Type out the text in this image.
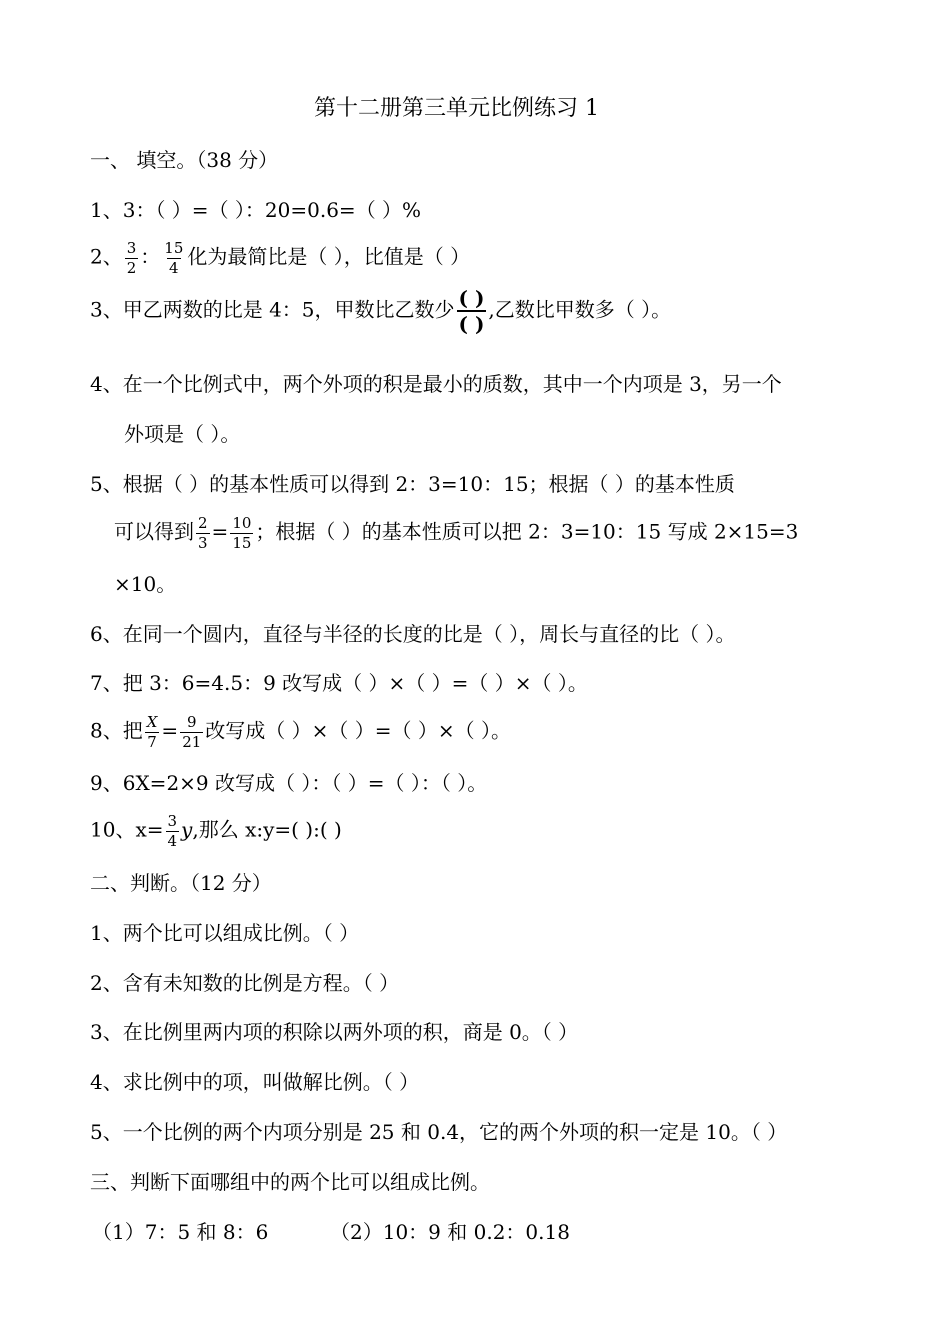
第十二册第三单元比例练习 1
一、 填空。（38 分）
1、3：（ ）=（ ）：20=0.6=（ ）%
2、 $\frac{3}{2}$ ： $\frac{15}{4}$ 化为最简比是（ ），比值是（ ）
3、甲乙两数的比是 4：5，甲数比乙数少 $\frac{( )}{( )}$ ,乙数比甲数多（ ）。
4、在一个比例式中，两个外项的积是最小的质数，其中一个内项是 3，另一个
外项是（ ）。
5、根据（ ）的基本性质可以得到 2：3=10：15；根据（ ）的基本性质
可以得到 $\frac{2}{3} = \frac{10}{15}$ ；根据（ ）的基本性质可以把 2：3=10：15 写成 2×15=3
×10。
6、在同一个圆内，直径与半径的长度的比是（ ），周长与直径的比（ ）。
7、把 3：6=4.5：9 改写成（ ）×（ ）=（ ）×（ ）。
8、把 $\frac{X}{7} = \frac{9}{21}$ 改写成（ ）×（ ）=（ ）×（ ）。
9、6X=2×9 改写成（ ）：（ ）=（ ）：（ ）。
10、$x= \frac{3}{4} y$,那么 x:y=( ):( )
二、判断。（12 分）
1、两个比可以组成比例。（ ）
2、含有未知数的比例是方程。（ ）
3、在比例里两内项的积除以两外项的积，商是 0。（ ）
4、求比例中的项，叫做解比例。（ ）
5、一个比例的两个内项分别是 25 和 0.4，它的两个外项的积一定是 10。（ ）
三、判断下面哪组中的两个比可以组成比例。
（1）7：5 和 8：6	（2）10：9 和 0.2：0.18
